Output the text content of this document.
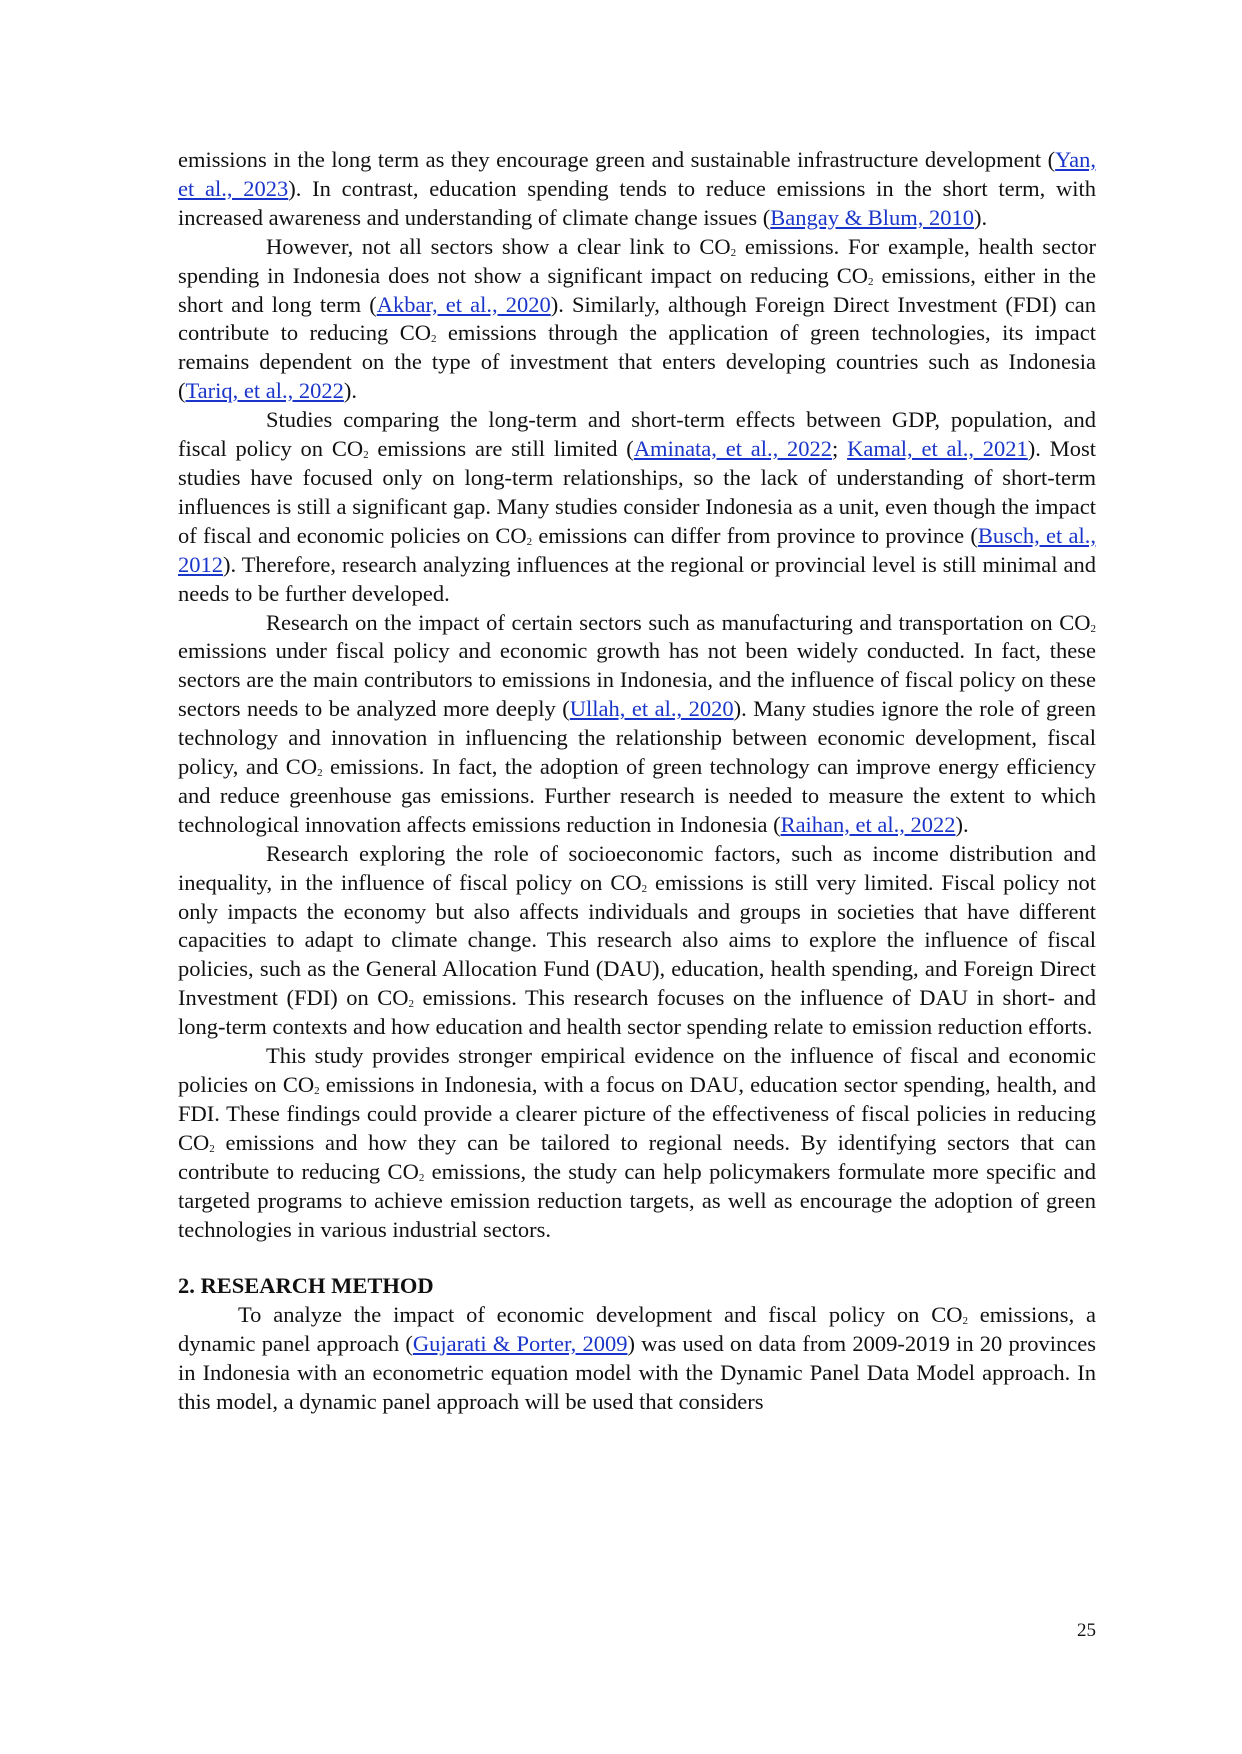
emissions in the long term as they encourage green and sustainable infrastructure development (Yan, et al., 2023). In contrast, education spending tends to reduce emissions in the short term, with increased awareness and understanding of climate change issues (Bangay & Blum, 2010).

However, not all sectors show a clear link to $CO_2$ emissions. For example, health sector spending in Indonesia does not show a significant impact on reducing $CO_2$ emissions, either in the short and long term (Akbar, et al., 2020). Similarly, although Foreign Direct Investment (FDI) can contribute to reducing $CO_2$ emissions through the application of green technologies, its impact remains dependent on the type of investment that enters developing countries such as Indonesia (Tariq, et al., 2022).

Studies comparing the long-term and short-term effects between GDP, population, and fiscal policy on $CO_2$ emissions are still limited (Aminata, et al., 2022; Kamal, et al., 2021). Most studies have focused only on long-term relationships, so the lack of understanding of short-term influences is still a significant gap. Many studies consider Indonesia as a unit, even though the impact of fiscal and economic policies on $CO_2$ emissions can differ from province to province (Busch, et al., 2012). Therefore, research analyzing influences at the regional or provincial level is still minimal and needs to be further developed.

Research on the impact of certain sectors such as manufacturing and transportation on $CO_2$ emissions under fiscal policy and economic growth has not been widely conducted. In fact, these sectors are the main contributors to emissions in Indonesia, and the influence of fiscal policy on these sectors needs to be analyzed more deeply (Ullah, et al., 2020). Many studies ignore the role of green technology and innovation in influencing the relationship between economic development, fiscal policy, and $CO_2$ emissions. In fact, the adoption of green technology can improve energy efficiency and reduce greenhouse gas emissions. Further research is needed to measure the extent to which technological innovation affects emissions reduction in Indonesia (Raihan, et al., 2022).

Research exploring the role of socioeconomic factors, such as income distribution and inequality, in the influence of fiscal policy on $CO_2$ emissions is still very limited. Fiscal policy not only impacts the economy but also affects individuals and groups in societies that have different capacities to adapt to climate change. This research also aims to explore the influence of fiscal policies, such as the General Allocation Fund (DAU), education, health spending, and Foreign Direct Investment (FDI) on $CO_2$ emissions. This research focuses on the influence of DAU in short- and long-term contexts and how education and health sector spending relate to emission reduction efforts.

This study provides stronger empirical evidence on the influence of fiscal and economic policies on $CO_2$ emissions in Indonesia, with a focus on DAU, education sector spending, health, and FDI. These findings could provide a clearer picture of the effectiveness of fiscal policies in reducing $CO_2$ emissions and how they can be tailored to regional needs. By identifying sectors that can contribute to reducing $CO_2$ emissions, the study can help policymakers formulate more specific and targeted programs to achieve emission reduction targets, as well as encourage the adoption of green technologies in various industrial sectors.

2. RESEARCH METHOD

To analyze the impact of economic development and fiscal policy on $CO_2$ emissions, a dynamic panel approach (Gujarati & Porter, 2009) was used on data from 2009-2019 in 20 provinces in Indonesia with an econometric equation model with the Dynamic Panel Data Model approach. In this model, a dynamic panel approach will be used that considers

25
